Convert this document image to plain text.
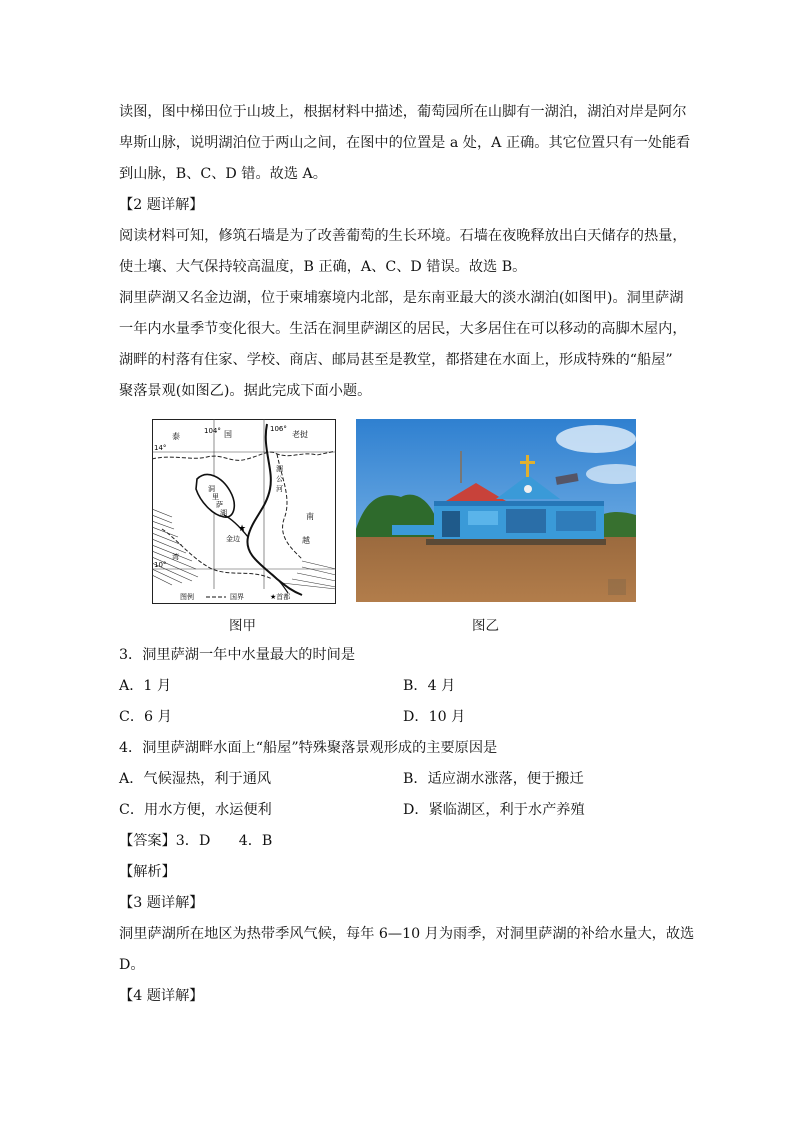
读图，图中梯田位于山坡上，根据材料中描述，葡萄园所在山脚有一湖泊，湖泊对岸是阿尔
卑斯山脉，说明湖泊位于两山之间，在图中的位置是 a 处，A 正确。其它位置只有一处能看
到山脉，B、C、D 错。故选 A。
【2 题详解】
阅读材料可知，修筑石墙是为了改善葡萄的生长环境。石墙在夜晚释放出白天储存的热量，
使土壤、大气保持较高温度，B 正确，A、C、D 错误。故选 B。
洞里萨湖又名金边湖，位于柬埔寨境内北部，是东南亚最大的淡水湖泊(如图甲)。洞里萨湖
一年内水量季节变化很大。生活在洞里萨湖区的居民，大多居住在可以移动的高脚木屋内，
湖畔的村落有住家、学校、商店、邮局甚至是教堂，都搭建在水面上，形成特殊的“船屋”
聚落景观(如图乙)。据此完成下面小题。
★
104°	106°
14°
10°
泰	国	老挝
洞
里
萨
湖
湄
公
河
南
越
金边
湾
图例	国界	★首都
图甲	图乙
3．洞里萨湖一年中水量最大的时间是
A．1 月	B．4 月
C．6 月	D．10 月
4．洞里萨湖畔水面上“船屋”特殊聚落景观形成的主要原因是
A．气候湿热，利于通风	B．适应湖水涨落，便于搬迁
C．用水方便，水运便利	D．紧临湖区，利于水产养殖
【答案】3．D　　4．B
【解析】
【3 题详解】
洞里萨湖所在地区为热带季风气候，每年 6—10 月为雨季，对洞里萨湖的补给水量大，故选
D。
【4 题详解】
